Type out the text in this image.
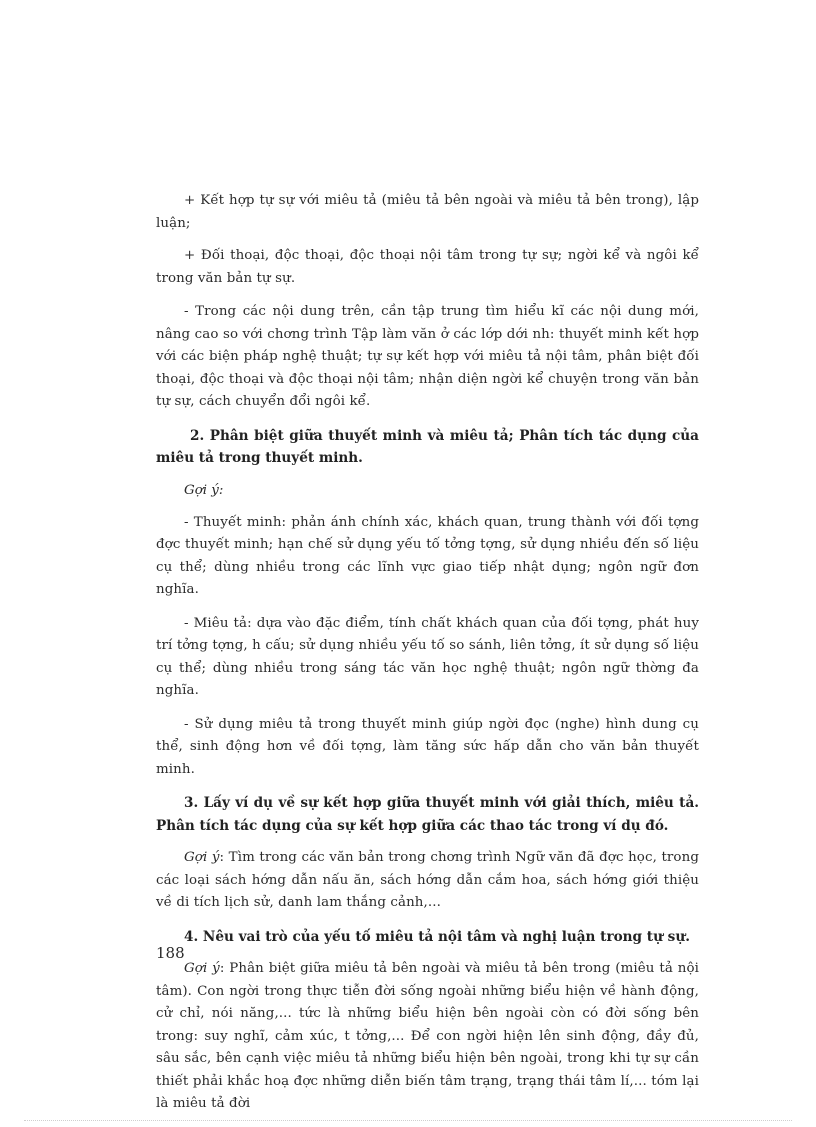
+ Kết hợp tự sự với miêu tả (miêu tả bên ngoài và miêu tả bên trong), lập luận;

+ Đối thoại, độc thoại, độc thoại nội tâm trong tự sự; ngời kể và ngôi kể trong văn bản tự sự.

- Trong các nội dung trên, cần tập trung tìm hiểu kĩ các nội dung mới, nâng cao so với chơng trình Tập làm văn ở các lớp dới nh: thuyết minh kết hợp với các biện pháp nghệ thuật; tự sự kết hợp với miêu tả nội tâm, phân biệt đối thoại, độc thoại và độc thoại nội tâm; nhận diện ngời kể chuyện trong văn bản tự sự, cách chuyển đổi ngôi kể.

2. Phân biệt giữa thuyết minh và miêu tả; Phân tích tác dụng của miêu tả trong thuyết minh.

Gợi ý:

- Thuyết minh: phản ánh chính xác, khách quan, trung thành với đối tợng đợc thuyết minh; hạn chế sử dụng yếu tố tởng tợng, sử dụng nhiều đến số liệu cụ thể; dùng nhiều trong các lĩnh vực giao tiếp nhật dụng; ngôn ngữ đơn nghĩa.

- Miêu tả: dựa vào đặc điểm, tính chất khách quan của đối tợng, phát huy trí tởng tợng, h cấu; sử dụng nhiều yếu tố so sánh, liên tởng, ít sử dụng số liệu cụ thể; dùng nhiều trong sáng tác văn học nghệ thuật; ngôn ngữ thờng đa nghĩa.

- Sử dụng miêu tả trong thuyết minh giúp ngời đọc (nghe) hình dung cụ thể, sinh động hơn về đối tợng, làm tăng sức hấp dẫn cho văn bản thuyết minh.

3. Lấy ví dụ về sự kết hợp giữa thuyết minh với giải thích, miêu tả. Phân tích tác dụng của sự kết hợp giữa các thao tác trong ví dụ đó.

Gợi ý: Tìm trong các văn bản trong chơng trình Ngữ văn đã đợc học, trong các loại sách hớng dẫn nấu ăn, sách hớng dẫn cắm hoa, sách hớng giới thiệu về di tích lịch sử, danh lam thắng cảnh,...

4. Nêu vai trò của yếu tố miêu tả nội tâm và nghị luận trong tự sự.

Gợi ý: Phân biệt giữa miêu tả bên ngoài và miêu tả bên trong (miêu tả nội tâm). Con ngời trong thực tiễn đời sống ngoài những biểu hiện về hành động, cử chỉ, nói năng,... tức là những biểu hiện bên ngoài còn có đời sống bên trong: suy nghĩ, cảm xúc, t tởng,... Để con ngời hiện lên sinh động, đầy đủ, sâu sắc, bên cạnh việc miêu tả những biểu hiện bên ngoài, trong khi tự sự cần thiết phải khắc hoạ đợc những diễn biến tâm trạng, trạng thái tâm lí,... tóm lại là miêu tả đời

188
